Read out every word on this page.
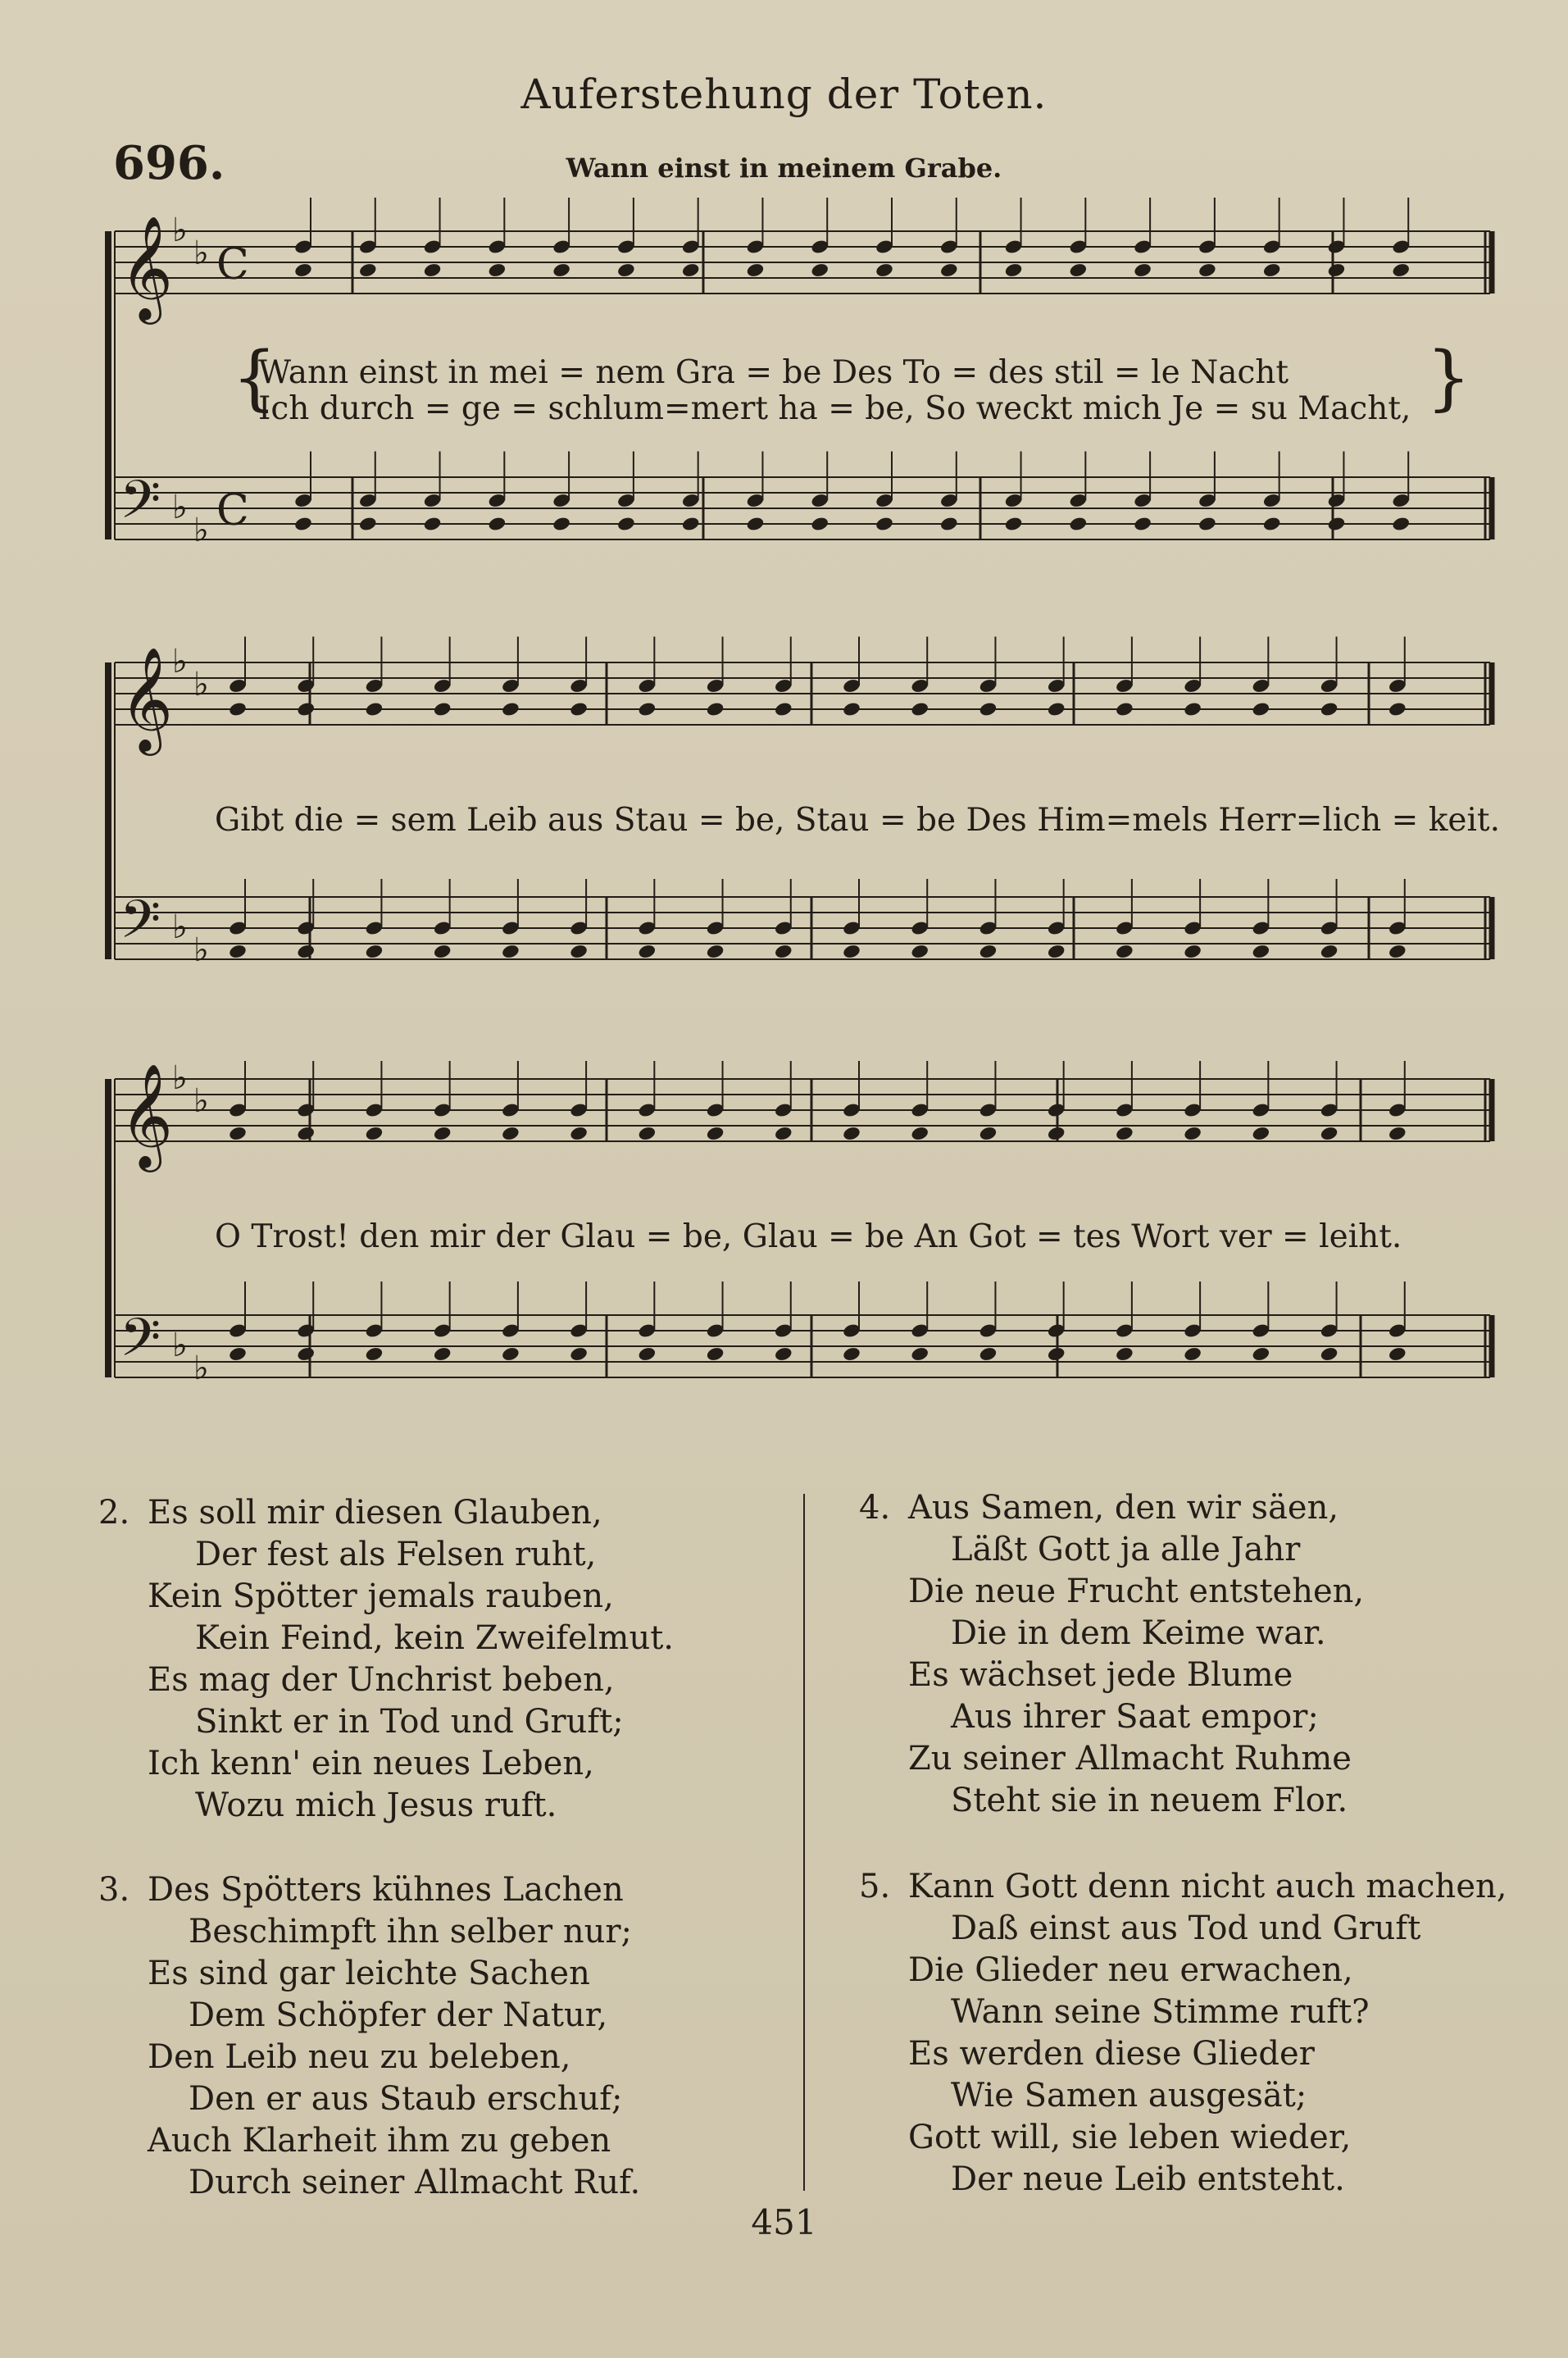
Auferstehung der Toten.
696.	Wann einst in meinem Grabe.
𝄞
♭
♭ C
𝄢 ♭
♭ C
𝄞
♭
♭
𝄢 ♭
♭
𝄞
♭
♭
𝄢 ♭
♭
{	}
Wann einst in mei = nem Gra = be Des To = des stil = le Nacht
Ich durch = ge = schlum=mert ha = be, So weckt mich Je = su Macht,
Gibt die = sem Leib aus Stau = be, Stau = be Des Him=mels Herr=lich = keit.
O Trost! den mir der Glau = be, Glau = be An Got = tes Wort ver = leiht.
2. Es soll mir diesen Glauben,
Der fest als Felsen ruht,
Kein Spötter jemals rauben,
Kein Feind, kein Zweifelmut.
Es mag der Unchrist beben,
Sinkt er in Tod und Gruft;
Ich kenn' ein neues Leben,
Wozu mich Jesus ruft.
3. Des Spötters kühnes Lachen
Beschimpft ihn selber nur;
Es sind gar leichte Sachen
Dem Schöpfer der Natur,
Den Leib neu zu beleben,
Den er aus Staub erschuf;
Auch Klarheit ihm zu geben
Durch seiner Allmacht Ruf.
4. Aus Samen, den wir säen,
Läßt Gott ja alle Jahr
Die neue Frucht entstehen,
Die in dem Keime war.
Es wächset jede Blume
Aus ihrer Saat empor;
Zu seiner Allmacht Ruhme
Steht sie in neuem Flor.
5. Kann Gott denn nicht auch machen,
Daß einst aus Tod und Gruft
Die Glieder neu erwachen,
Wann seine Stimme ruft?
Es werden diese Glieder
Wie Samen ausgesät;
Gott will, sie leben wieder,
Der neue Leib entsteht.
451
